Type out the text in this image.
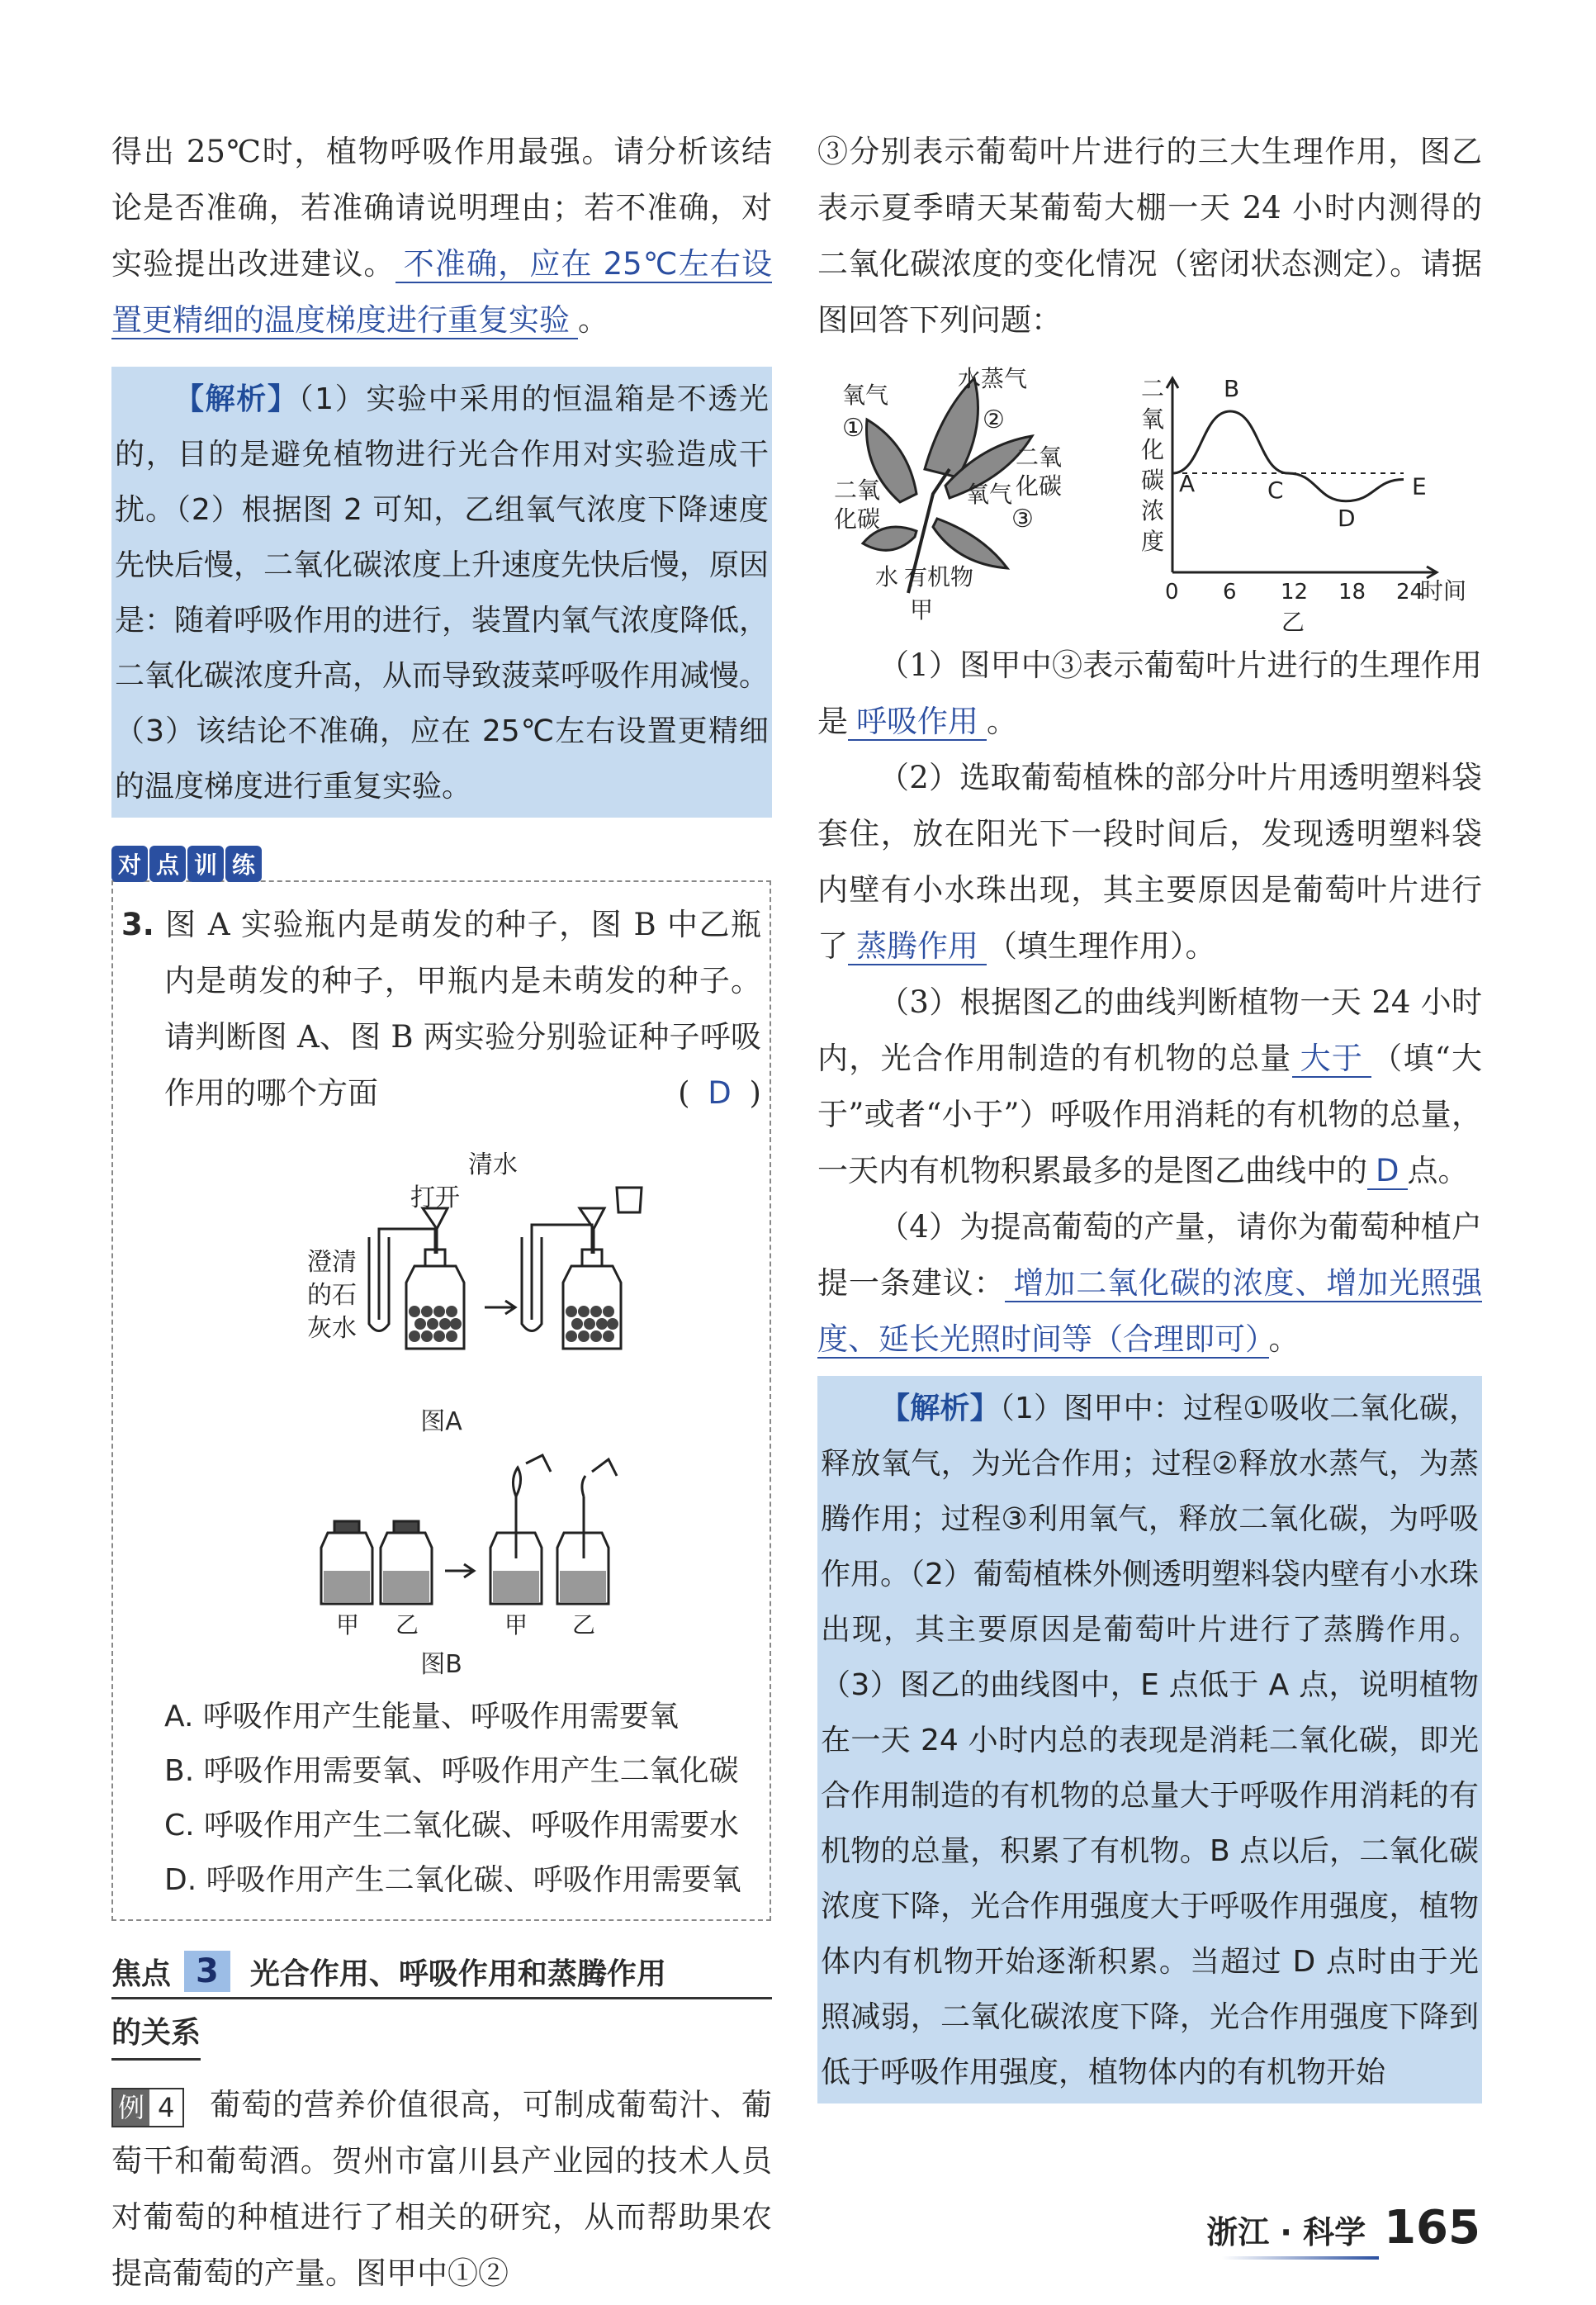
得出 25℃时，植物呼吸作用最强。请分析该结论是否准确，若准确请说明理由；若不准确，对实验提出改进建议。 不准确，应在 25℃左右设置更精细的温度梯度进行重复实验 。

【解析】（1）实验中采用的恒温箱是不透光的，目的是避免植物进行光合作用对实验造成干扰。（2）根据图 2 可知，乙组氧气浓度下降速度先快后慢，二氧化碳浓度上升速度先快后慢，原因是：随着呼吸作用的进行，装置内氧气浓度降低，二氧化碳浓度升高，从而导致菠菜呼吸作用减慢。（3）该结论不准确，应在 25℃左右设置更精细的温度梯度进行重复实验。

对 点 训 练

3. 图 A 实验瓶内是萌发的种子，图 B 中乙瓶内是萌发的种子，甲瓶内是未萌发的种子。请判断图 A、图 B 两实验分别验证种子呼吸作用的哪个方面	( D )

清水
打开
澄清
的石
灰水
图A
甲 乙	甲 乙
图B

A. 呼吸作用产生能量、呼吸作用需要氧

B. 呼吸作用需要氧、呼吸作用产生二氧化碳

C. 呼吸作用产生二氧化碳、呼吸作用需要水

D. 呼吸作用产生二氧化碳、呼吸作用需要氧

焦点 3	光合作用、呼吸作用和蒸腾作用
的关系

例 4 葡萄的营养价值很高，可制成葡萄汁、葡萄干和葡萄酒。贺州市富川县产业园的技术人员对葡萄的种植进行了相关的研究，从而帮助果农提高葡萄的产量。图甲中①②

③分别表示葡萄叶片进行的三大生理作用，图乙表示夏季晴天某葡萄大棚一天 24 小时内测得的二氧化碳浓度的变化情况（密闭状态测定）。请据图回答下列问题：

氧气
①
水蒸气
②
二氧
化碳
二氧
化碳
氧气
③
水 有机物
甲
二
氧
化
碳
浓
度
0 6 12 18 24
时间
A
B
C
D
E
乙

（1）图甲中③表示葡萄叶片进行的生理作用是 呼吸作用 。

（2）选取葡萄植株的部分叶片用透明塑料袋套住，放在阳光下一段时间后，发现透明塑料袋内壁有小水珠出现，其主要原因是葡萄叶片进行了 蒸腾作用 （填生理作用）。

（3）根据图乙的曲线判断植物一天 24 小时内，光合作用制造的有机物的总量 大于 （填“大于”或者“小于”）呼吸作用消耗的有机物的总量，一天内有机物积累最多的是图乙曲线中的 D 点。

（4）为提高葡萄的产量，请你为葡萄种植户提一条建议： 增加二氧化碳的浓度、增加光照强度、延长光照时间等（合理即可） 。

【解析】（1）图甲中：过程①吸收二氧化碳，释放氧气，为光合作用；过程②释放水蒸气，为蒸腾作用；过程③利用氧气，释放二氧化碳，为呼吸作用。（2）葡萄植株外侧透明塑料袋内壁有小水珠出现，其主要原因是葡萄叶片进行了蒸腾作用。（3）图乙的曲线图中，E 点低于 A 点，说明植物在一天 24 小时内总的表现是消耗二氧化碳，即光合作用制造的有机物的总量大于呼吸作用消耗的有机物的总量，积累了有机物。B 点以后，二氧化碳浓度下降，光合作用强度大于呼吸作用强度，植物体内有机物开始逐渐积累。当超过 D 点时由于光照减弱，二氧化碳浓度下降，光合作用强度下降到低于呼吸作用强度，植物体内的有机物开始

浙江 · 科学 165
